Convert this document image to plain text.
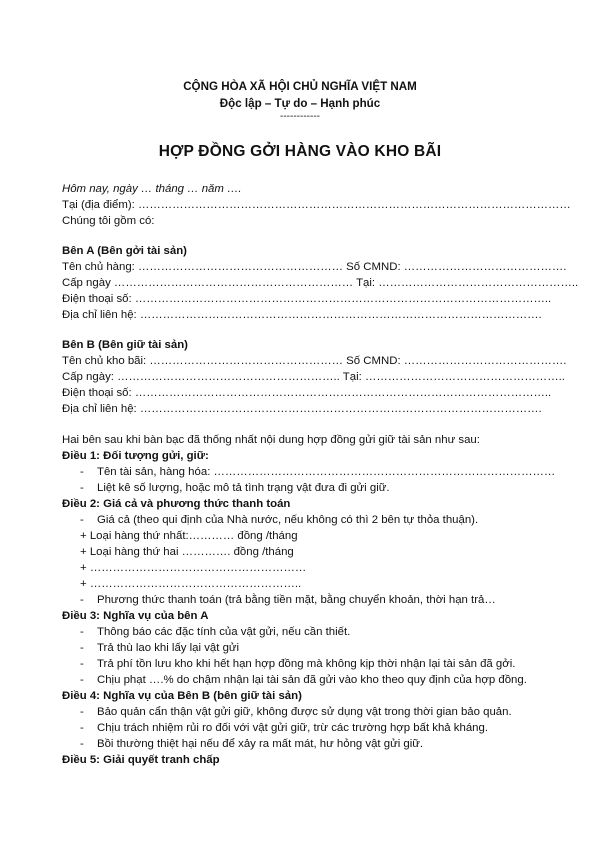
CỘNG HÒA XÃ HỘI CHỦ NGHĨA VIỆT NAM
Độc lập – Tự do – Hạnh phúc
------------
HỢP ĐỒNG GỞI HÀNG VÀO KHO BÃI
Hôm nay, ngày … tháng … năm ….
Tại (địa điểm): ……………………………………………………………………………………………………
Chúng tôi gồm có:
Bên A (Bên gởi tài sản)
Tên chủ hàng: ……………………………………………… Số CMND: …………………………………….
Cấp ngày ……………………………………………………… Tại: ……………………………………………..
Điện thoại số: ………………………………………………………………………………………………..
Địa chỉ liên hệ: …………………………………………………………………………………………….
Bên B (Bên giữ tài sản)
Tên chủ kho bãi: …………………………………………… Số CMND: …………………………………….
Cấp ngày: ………………………………………………….. Tại: ……………………………………………..
Điện thoại số: ………………………………………………………………………………………………..
Địa chỉ liên hệ: …………………………………………………………………………………………….
Hai bên sau khi bàn bạc đã thống nhất nội dung hợp đồng gửi giữ tài sản như sau:
Điều 1: Đối tượng gửi, giữ:
- Tên tài sản, hàng hóa: ………………………………………………………………………………
- Liệt kê số lượng, hoặc mô tả tình trạng vật đưa đi gửi giữ.
Điều 2: Giá cả và phương thức thanh toán
- Giá cả (theo qui định của Nhà nước, nếu không có thì 2 bên tự thỏa thuận).
+ Loại hàng thứ nhất:………… đồng /tháng
+ Loại hàng thứ hai …………. đồng /tháng
+ …………………………………………………
+ ………………………………………………..
- Phương thức thanh toán (trả bằng tiền mặt, bằng chuyển khoản, thời hạn trả…
Điều 3: Nghĩa vụ của bên A
- Thông báo các đặc tính của vật gửi, nếu cần thiết.
- Trả thù lao khi lấy lại vật gửi
- Trả phí tồn lưu kho khi hết hạn hợp đồng mà không kịp thời nhận lại tài sản đã gởi.
- Chịu phạt ….% do chậm nhận lại tài sản đã gửi vào kho theo quy định của hợp đồng.
Điều 4: Nghĩa vụ của Bên B (bên giữ tài sản)
- Bảo quản cẩn thận vật gửi giữ, không được sử dụng vật trong thời gian bảo quản.
- Chịu trách nhiệm rủi ro đối với vật gửi giữ, trừ các trường hợp bất khả kháng.
- Bồi thường thiệt hại nếu để xảy ra mất mát, hư hỏng vật gửi giữ.
Điều 5: Giải quyết tranh chấp
